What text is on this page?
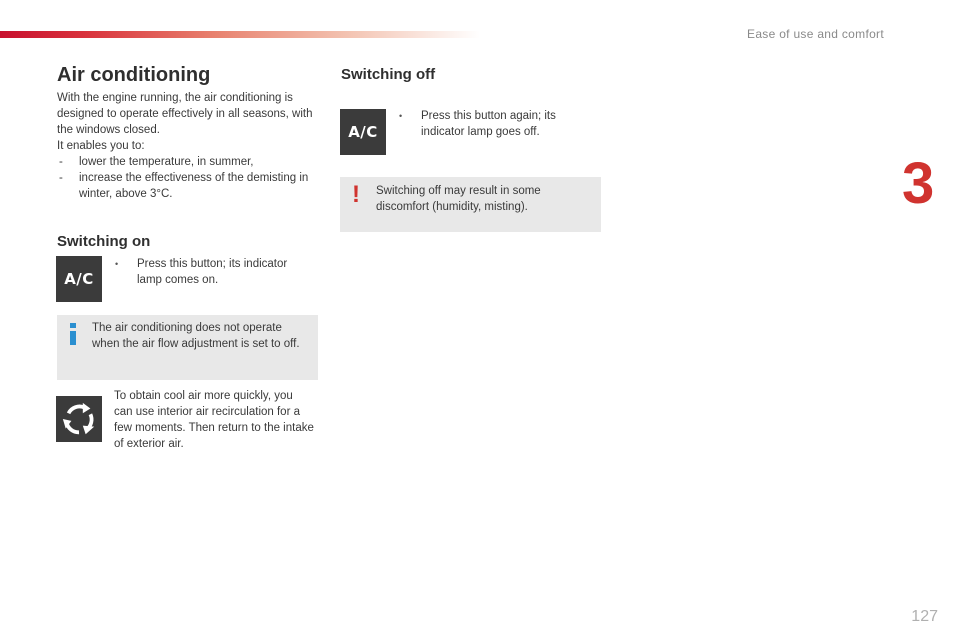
Ease of use and comfort
3
Air conditioning

With the engine running, the air conditioning is designed to operate effectively in all seasons, with the windows closed.

It enables you to:

- lower the temperature, in summer,
- increase the effectiveness of the demisting in winter, above 3°C.
Switching on
A/C
•	Press this button; its indicator lamp comes on.
The air conditioning does not operate when the air flow adjustment is set to off.
To obtain cool air more quickly, you can use interior air recirculation for a few moments. Then return to the intake of exterior air.
Switching off
A/C
•	Press this button again; its indicator lamp goes off.
! Switching off may result in some discomfort (humidity, misting).
127
